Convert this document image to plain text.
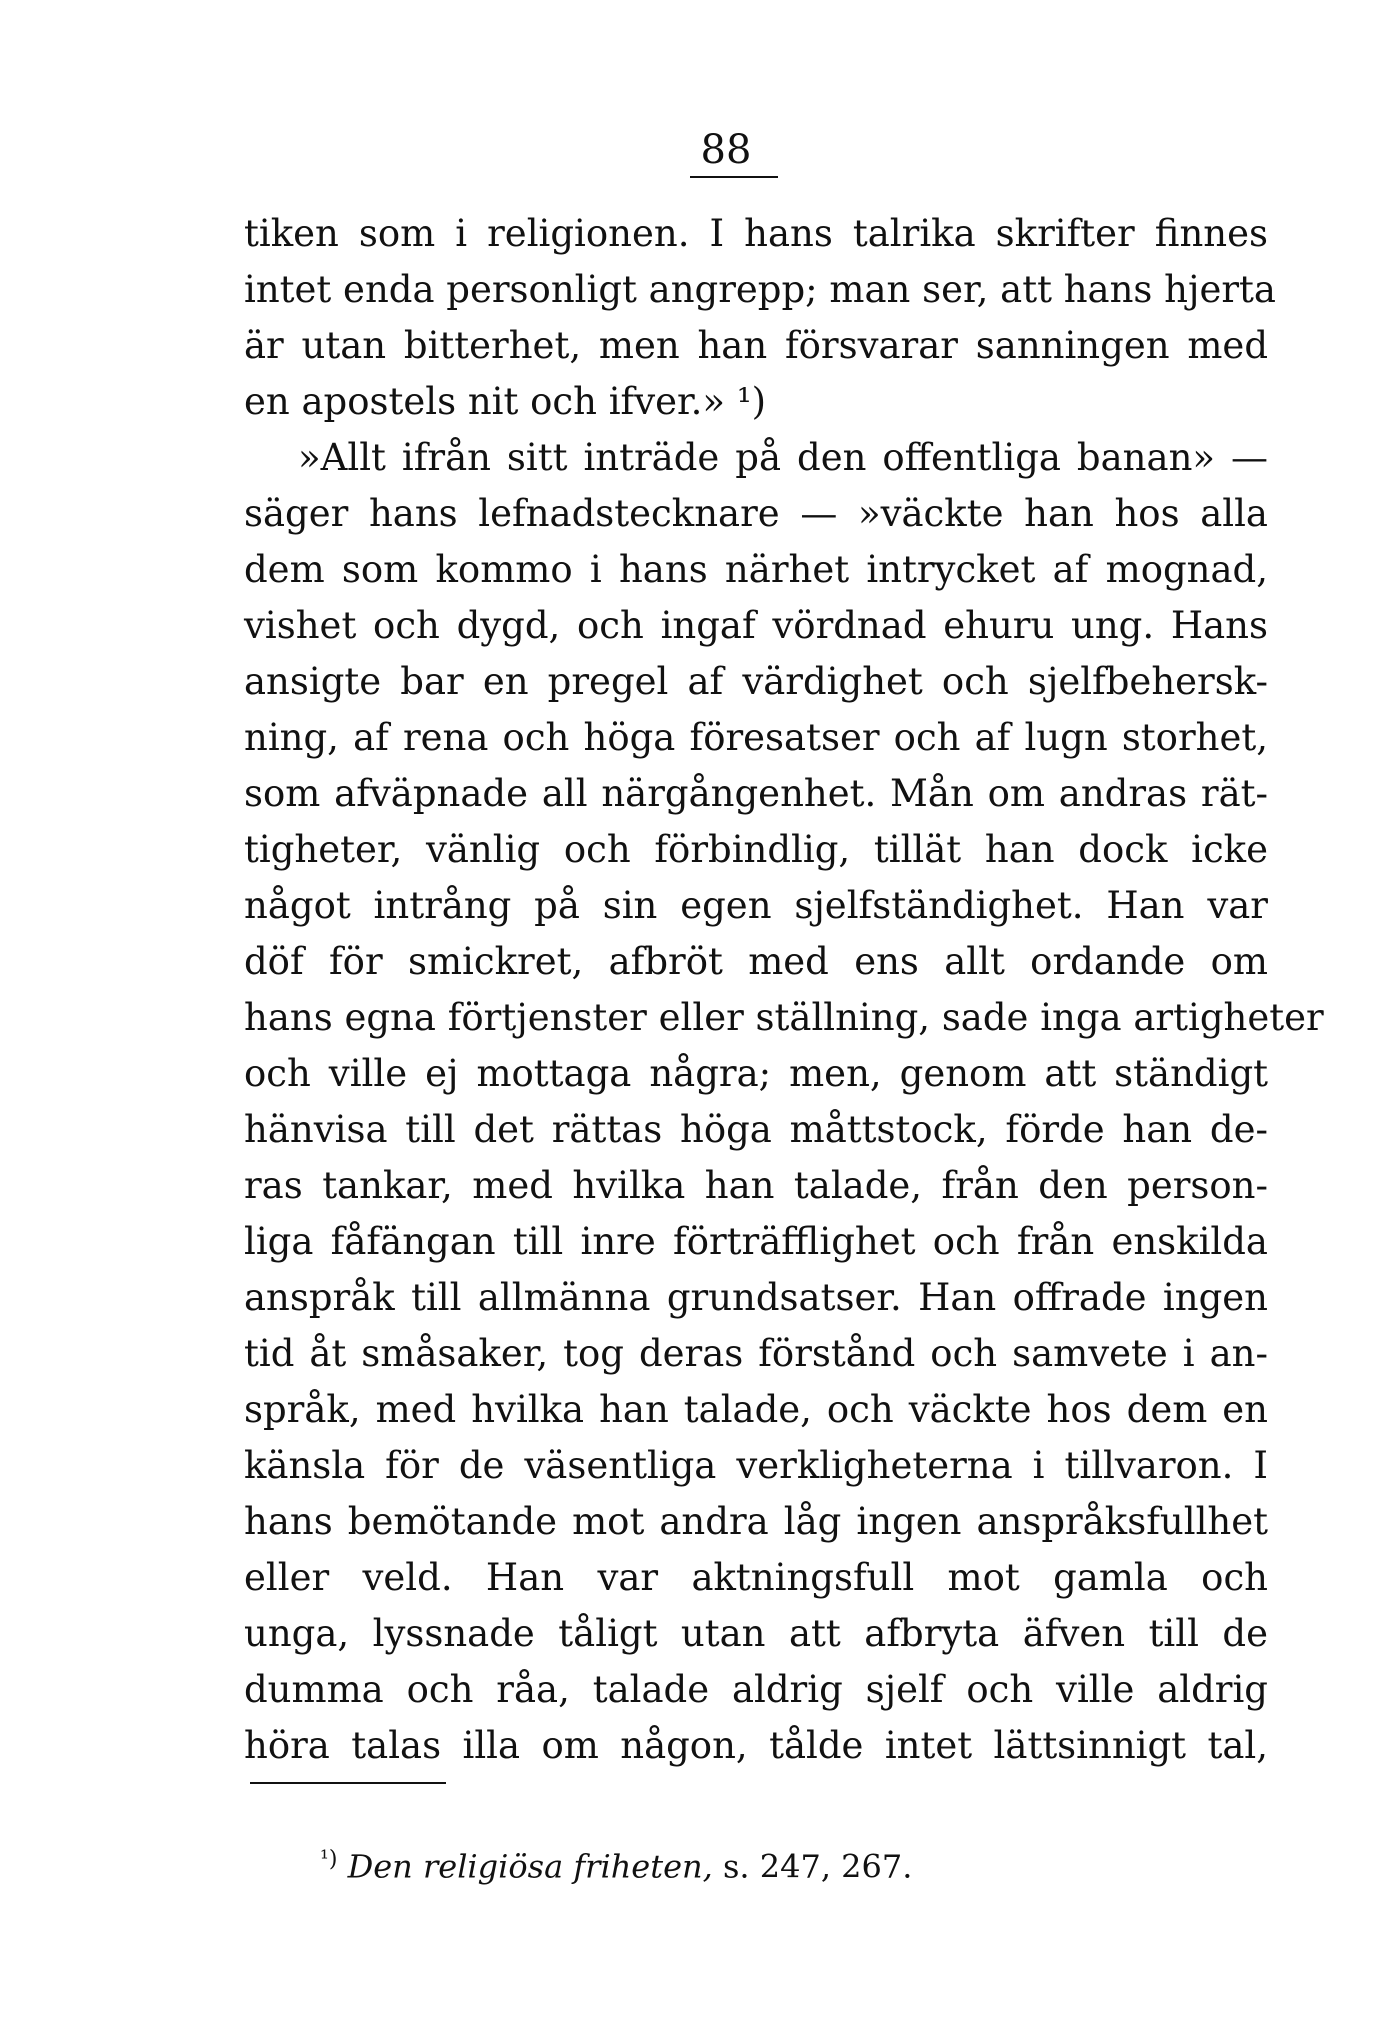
88
tiken som i religionen. I hans talrika skrifter finnes
intet enda personligt angrepp; man ser, att hans hjerta
är utan bitterhet, men han försvarar sanningen med
en apostels nit och ifver.» ¹)
»Allt ifrån sitt inträde på den offentliga banan» —
säger hans lefnadstecknare — »väckte han hos alla
dem som kommo i hans närhet intrycket af mognad,
vishet och dygd, och ingaf vördnad ehuru ung. Hans
ansigte bar en pregel af värdighet och sjelfbehersk-
ning, af rena och höga föresatser och af lugn storhet,
som afväpnade all närgångenhet. Mån om andras rät-
tigheter, vänlig och förbindlig, tillät han dock icke
något intrång på sin egen sjelfständighet. Han var
döf för smickret, afbröt med ens allt ordande om
hans egna förtjenster eller ställning, sade inga artigheter
och ville ej mottaga några; men, genom att ständigt
hänvisa till det rättas höga måttstock, förde han de-
ras tankar, med hvilka han talade, från den person-
liga fåfängan till inre förträfflighet och från enskilda
anspråk till allmänna grundsatser. Han offrade ingen
tid åt småsaker, tog deras förstånd och samvete i an-
språk, med hvilka han talade, och väckte hos dem en
känsla för de väsentliga verkligheterna i tillvaron. I
hans bemötande mot andra låg ingen anspråksfullhet
eller veld. Han var aktningsfull mot gamla och
unga, lyssnade tåligt utan att afbryta äfven till de
dumma och råa, talade aldrig sjelf och ville aldrig
höra talas illa om någon, tålde intet lättsinnigt tal,
$^{^1)}$ Den religiösa friheten, s. 247, 267.
